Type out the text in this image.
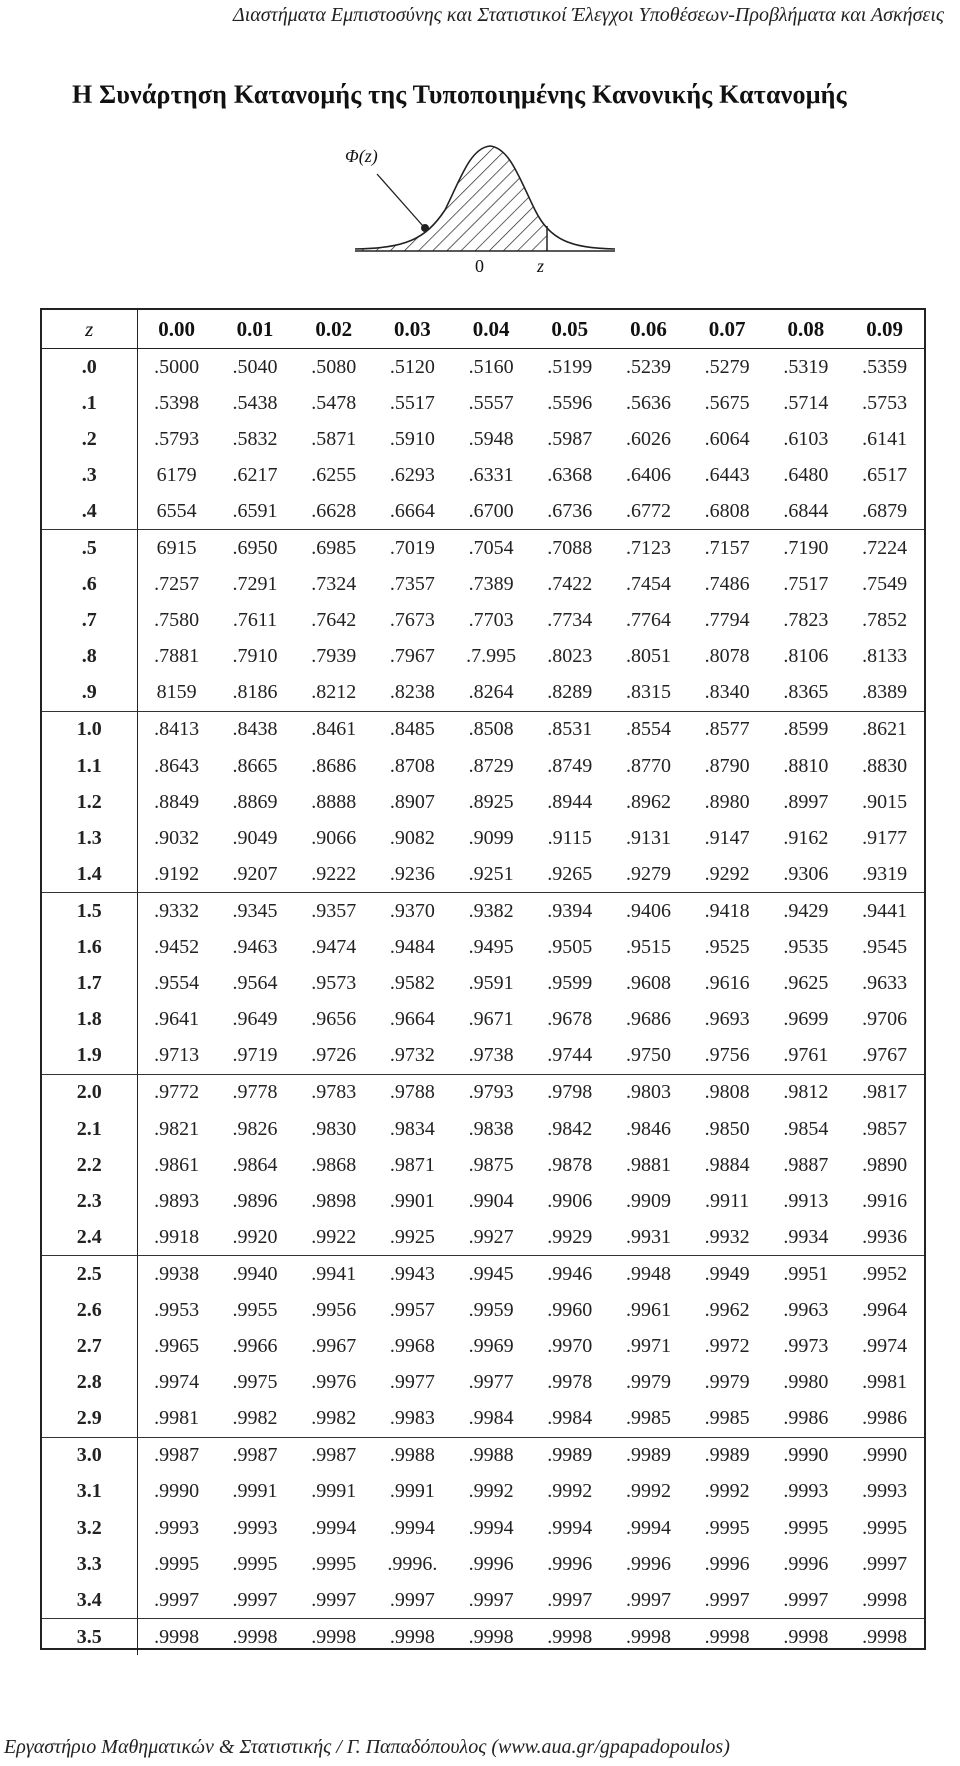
Διαστήματα Εμπιστοσύνης και Στατιστικοί Έλεγχοι Υποθέσεων-Προβλήματα και Ασκήσεις
Η Συνάρτηση Κατανομής της Τυποποιημένης Κανονικής Κατανομής
Φ(z)
0	z
z	0.00	0.01	0.02	0.03	0.04	0.05	0.06	0.07	0.08	0.09
.0	.5000	.5040	.5080	.5120	.5160	.5199	.5239	.5279	.5319	.5359
.1	.5398	.5438	.5478	.5517	.5557	.5596	.5636	.5675	.5714	.5753
.2	.5793	.5832	.5871	.5910	.5948	.5987	.6026	.6064	.6103	.6141
.3	6179	.6217	.6255	.6293	.6331	.6368	.6406	.6443	.6480	.6517
.4	6554	.6591	.6628	.6664	.6700	.6736	.6772	.6808	.6844	.6879
.5	6915	.6950	.6985	.7019	.7054	.7088	.7123	.7157	.7190	.7224
.6	.7257	.7291	.7324	.7357	.7389	.7422	.7454	.7486	.7517	.7549
.7	.7580	.7611	.7642	.7673	.7703	.7734	.7764	.7794	.7823	.7852
.8	.7881	.7910	.7939	.7967	.7.995	.8023	.8051	.8078	.8106	.8133
.9	8159	.8186	.8212	.8238	.8264	.8289	.8315	.8340	.8365	.8389
1.0	.8413	.8438	.8461	.8485	.8508	.8531	.8554	.8577	.8599	.8621
1.1	.8643	.8665	.8686	.8708	.8729	.8749	.8770	.8790	.8810	.8830
1.2	.8849	.8869	.8888	.8907	.8925	.8944	.8962	.8980	.8997	.9015
1.3	.9032	.9049	.9066	.9082	.9099	.9115	.9131	.9147	.9162	.9177
1.4	.9192	.9207	.9222	.9236	.9251	.9265	.9279	.9292	.9306	.9319
1.5	.9332	.9345	.9357	.9370	.9382	.9394	.9406	.9418	.9429	.9441
1.6	.9452	.9463	.9474	.9484	.9495	.9505	.9515	.9525	.9535	.9545
1.7	.9554	.9564	.9573	.9582	.9591	.9599	.9608	.9616	.9625	.9633
1.8	.9641	.9649	.9656	.9664	.9671	.9678	.9686	.9693	.9699	.9706
1.9	.9713	.9719	.9726	.9732	.9738	.9744	.9750	.9756	.9761	.9767
2.0	.9772	.9778	.9783	.9788	.9793	.9798	.9803	.9808	.9812	.9817
2.1	.9821	.9826	.9830	.9834	.9838	.9842	.9846	.9850	.9854	.9857
2.2	.9861	.9864	.9868	.9871	.9875	.9878	.9881	.9884	.9887	.9890
2.3	.9893	.9896	.9898	.9901	.9904	.9906	.9909	.9911	.9913	.9916
2.4	.9918	.9920	.9922	.9925	.9927	.9929	.9931	.9932	.9934	.9936
2.5	.9938	.9940	.9941	.9943	.9945	.9946	.9948	.9949	.9951	.9952
2.6	.9953	.9955	.9956	.9957	.9959	.9960	.9961	.9962	.9963	.9964
2.7	.9965	.9966	.9967	.9968	.9969	.9970	.9971	.9972	.9973	.9974
2.8	.9974	.9975	.9976	.9977	.9977	.9978	.9979	.9979	.9980	.9981
2.9	.9981	.9982	.9982	.9983	.9984	.9984	.9985	.9985	.9986	.9986
3.0	.9987	.9987	.9987	.9988	.9988	.9989	.9989	.9989	.9990	.9990
3.1	.9990	.9991	.9991	.9991	.9992	.9992	.9992	.9992	.9993	.9993
3.2	.9993	.9993	.9994	.9994	.9994	.9994	.9994	.9995	.9995	.9995
3.3	.9995	.9995	.9995	.9996.	.9996	.9996	.9996	.9996	.9996	.9997
3.4	.9997	.9997	.9997	.9997	.9997	.9997	.9997	.9997	.9997	.9998
3.5	.9998	.9998	.9998	.9998	.9998	.9998	.9998	.9998	.9998	.9998
Εργαστήριο Μαθηματικών & Στατιστικής / Γ. Παπαδόπουλος (www.aua.gr/gpapadopoulos)
